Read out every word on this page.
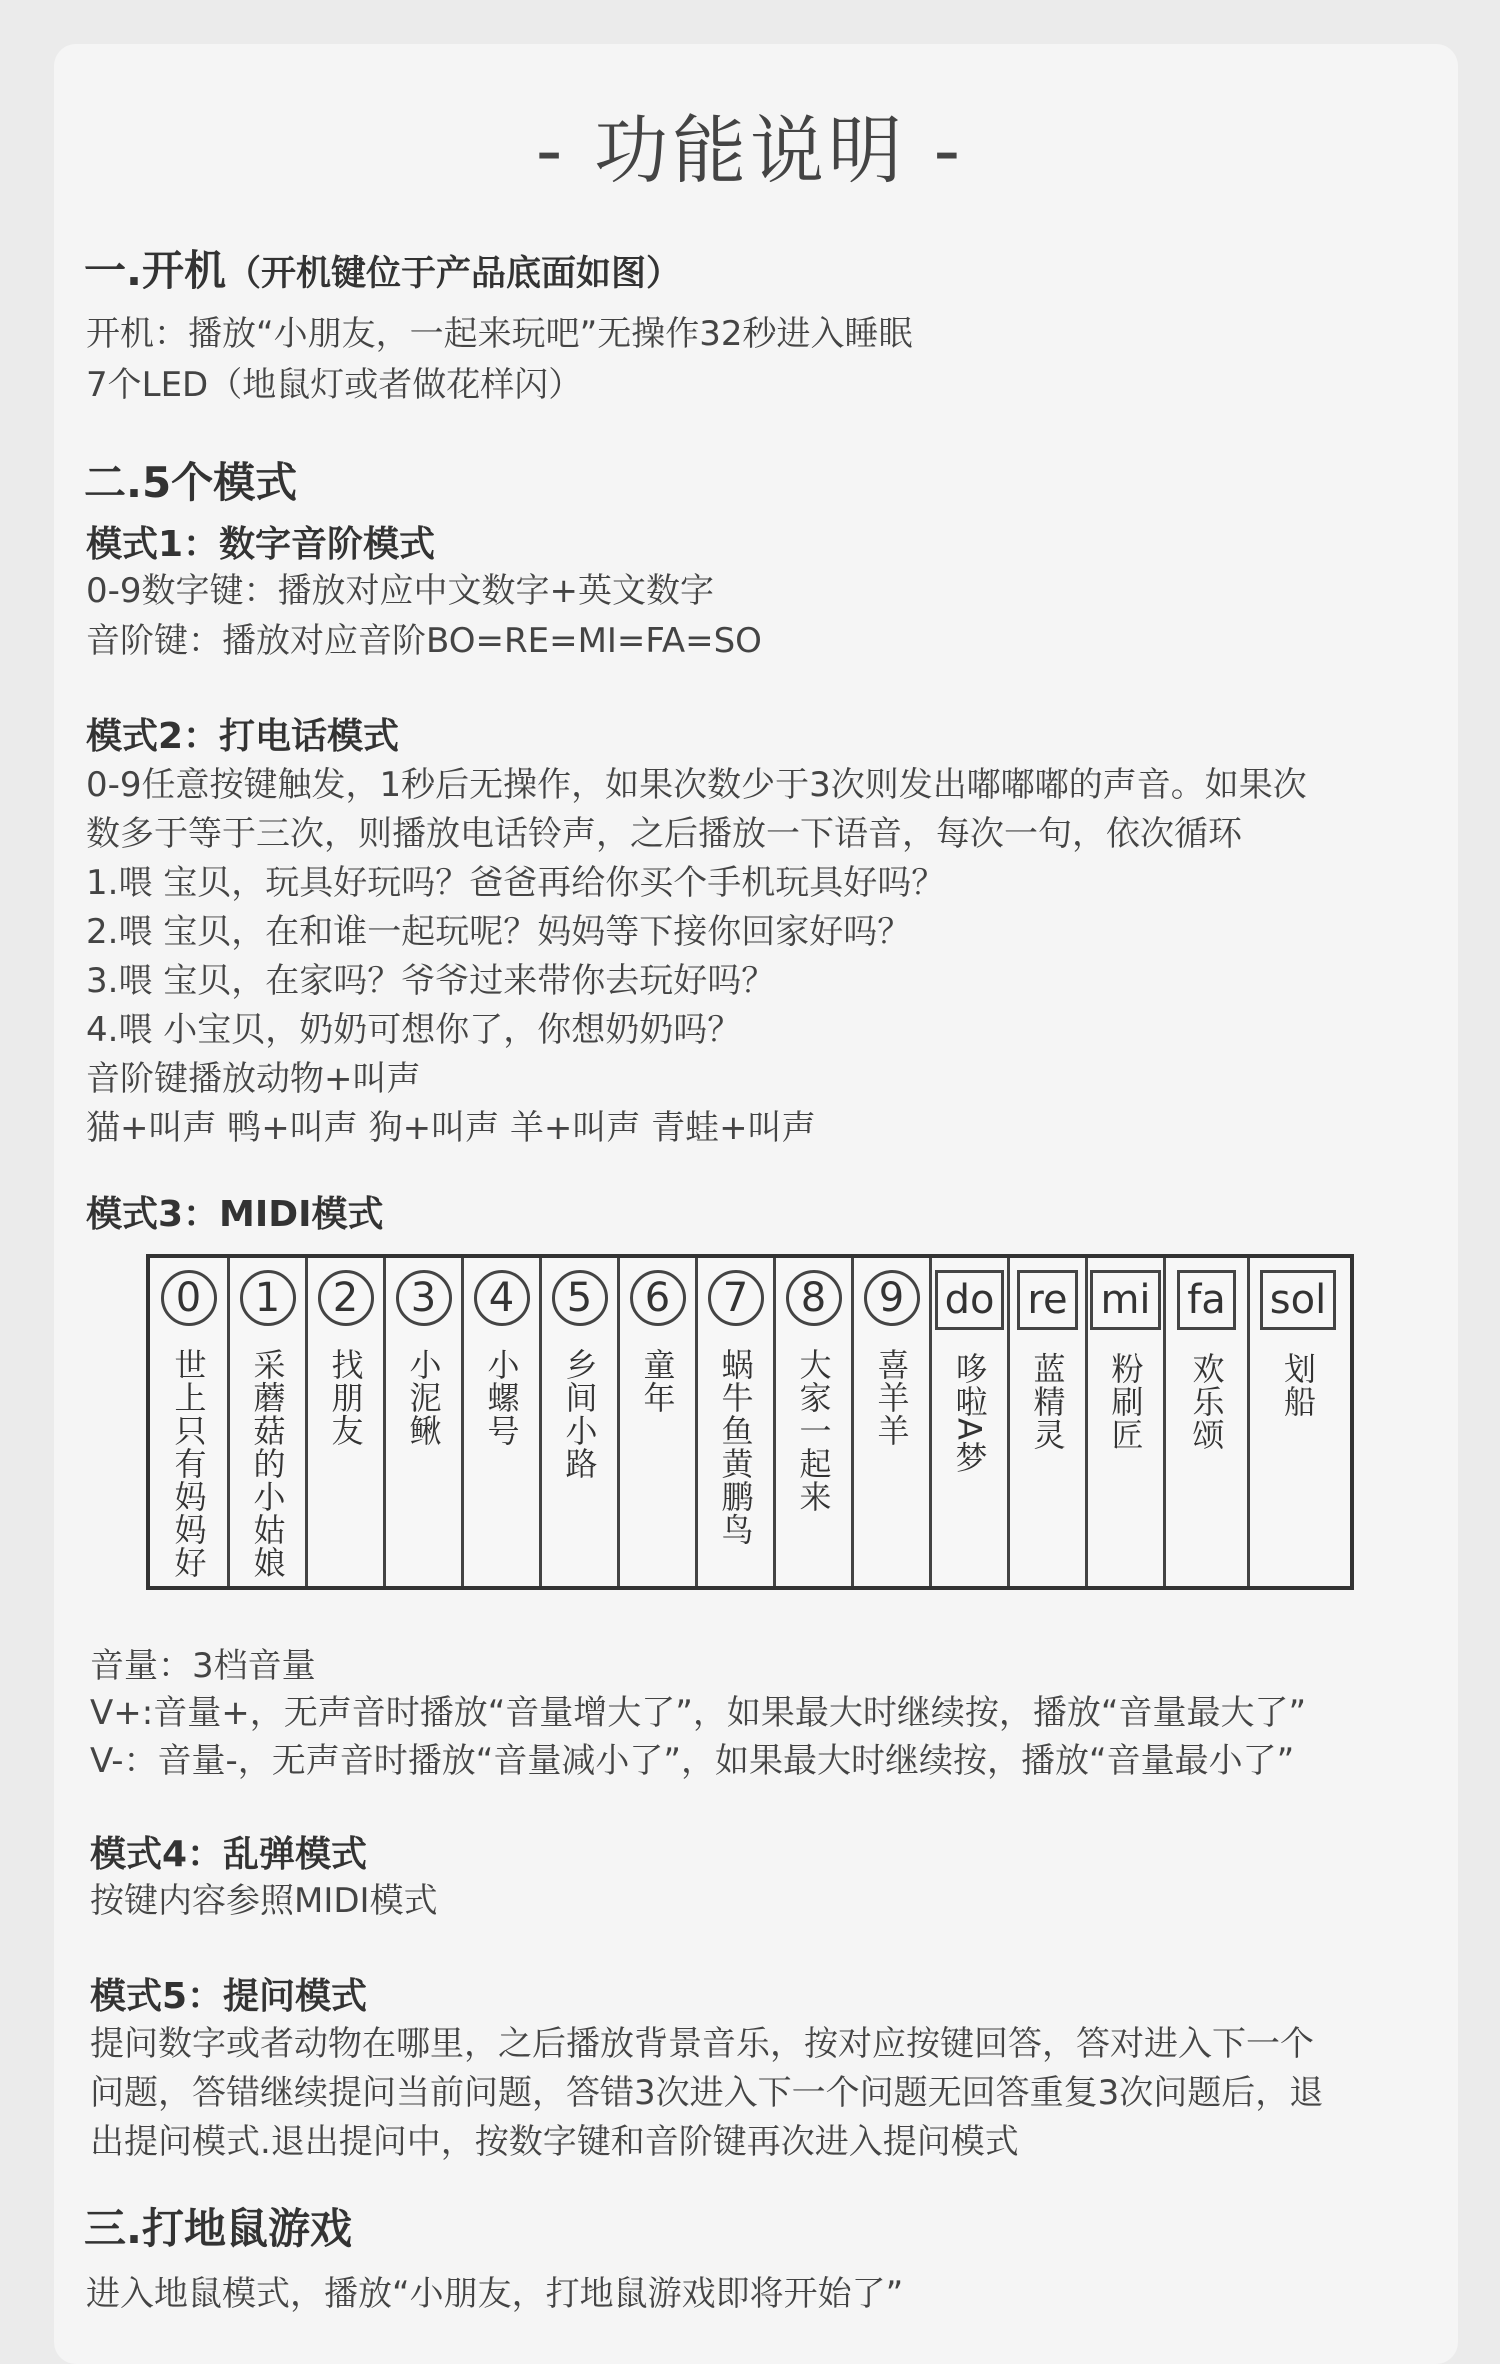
- 功能说明 -
一.开机（开机键位于产品底面如图）
开机：播放“小朋友，一起来玩吧”无操作32秒进入睡眠
7个LED（地鼠灯或者做花样闪）
二.5个模式
模式1：数字音阶模式
0-9数字键：播放对应中文数字+英文数字
音阶键：播放对应音阶BO=RE=MI=FA=SO
模式2：打电话模式
0-9任意按键触发，1秒后无操作，如果次数少于3次则发出嘟嘟嘟的声音。如果次
数多于等于三次，则播放电话铃声，之后播放一下语音，每次一句，依次循环
1.喂 宝贝，玩具好玩吗？爸爸再给你买个手机玩具好吗？
2.喂 宝贝，在和谁一起玩呢？妈妈等下接你回家好吗？
3.喂 宝贝，在家吗？爷爷过来带你去玩好吗？
4.喂 小宝贝，奶奶可想你了，你想奶奶吗？
音阶键播放动物+叫声
猫+叫声 鸭+叫声 狗+叫声 羊+叫声 青蛙+叫声
模式3：MIDI模式
0
世上只有妈妈好
1
采蘑菇的小姑娘
2
找朋友
3
小泥鳅
4
小螺号
5
乡间小路
6
童年
7
蜗牛鱼黄鹏鸟
8
大家一起来
9
喜羊羊
do
哆啦A梦
re
蓝精灵
mi
粉刷匠
fa
欢乐颂
sol
划船
音量：3档音量
V+:音量+，无声音时播放“音量增大了”，如果最大时继续按，播放“音量最大了”
V-：音量-，无声音时播放“音量减小了”，如果最大时继续按，播放“音量最小了”
模式4：乱弹模式
按键内容参照MIDI模式
模式5：提问模式
提问数字或者动物在哪里，之后播放背景音乐，按对应按键回答，答对进入下一个
问题，答错继续提问当前问题，答错3次进入下一个问题无回答重复3次问题后，退
出提问模式.退出提问中，按数字键和音阶键再次进入提问模式
三.打地鼠游戏
进入地鼠模式，播放“小朋友，打地鼠游戏即将开始了”
